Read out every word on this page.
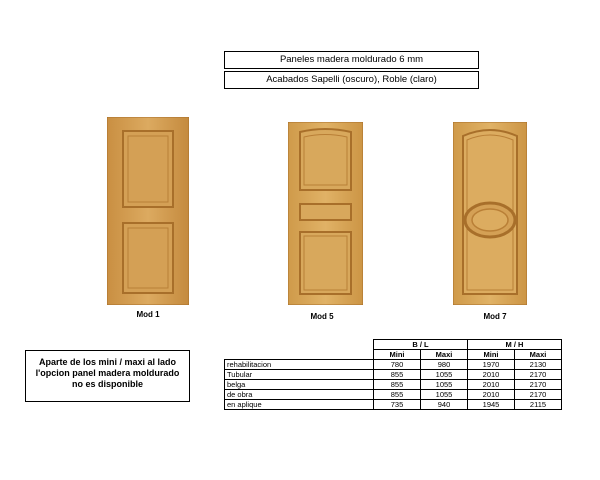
Paneles madera moldurado 6 mm
Acabados Sapelli (oscuro), Roble (claro)
Mod 1	Mod 5	Mod 7
Aparte de los mini / maxi al lado
l'opcion panel madera moldurado
no es disponible
	B / L		M / H	
	Mini	Maxi	Mini	Maxi
rehabilitacion	780	980	1970	2130
Tubular	855	1055	2010	2170
belga	855	1055	2010	2170
de obra	855	1055	2010	2170
en aplique	735	940	1945	2115
